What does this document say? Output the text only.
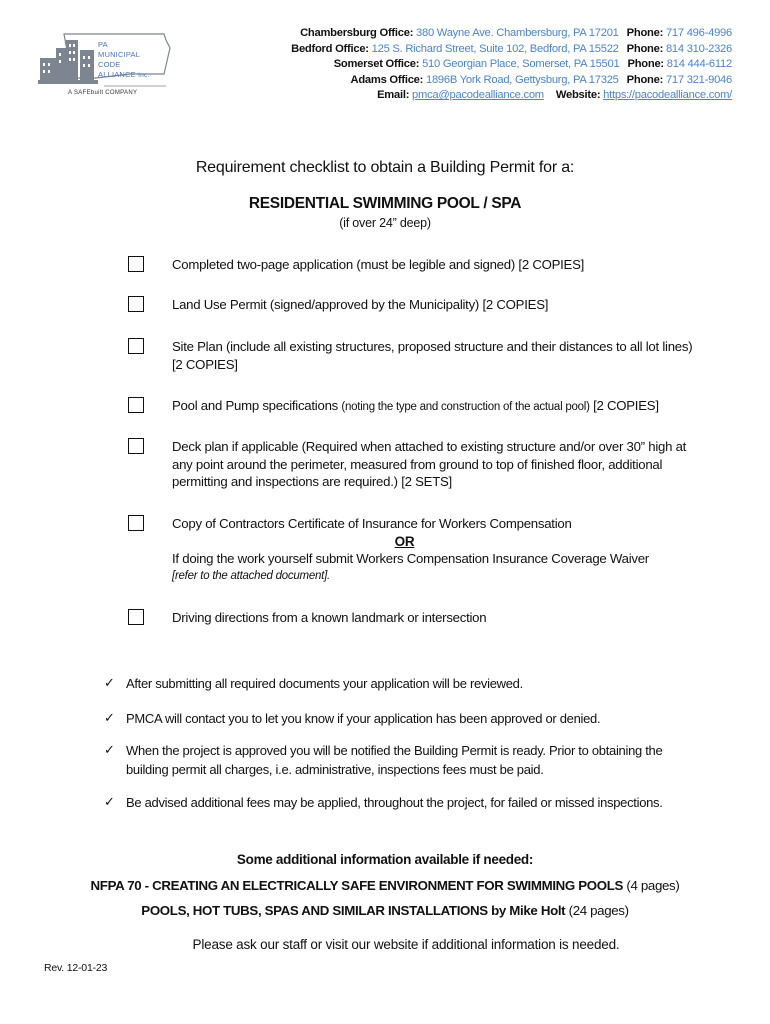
PA
MUNICIPAL
CODE
ALLIANCE Inc.
A SAFEbuilt COMPANY
Chambersburg Office: 380 Wayne Ave. Chambersburg, PA 17201 Phone: 717 496-4996
Bedford Office: 125 S. Richard Street, Suite 102, Bedford, PA 15522 Phone: 814 310-2326
Somerset Office: 510 Georgian Place, Somerset, PA 15501 Phone: 814 444-6112
Adams Office: 1896B York Road, Gettysburg, PA 17325 Phone: 717 321-9046
Email: pmca@pacodealliance.com Website: https://pacodealliance.com/
Requirement checklist to obtain a Building Permit for a:
RESIDENTIAL SWIMMING POOL / SPA
(if over 24” deep)
Completed two-page application (must be legible and signed) [2 COPIES]
Land Use Permit (signed/approved by the Municipality) [2 COPIES]
Site Plan (include all existing structures, proposed structure and their distances to all lot lines) [2 COPIES]
Pool and Pump specifications (noting the type and construction of the actual pool) [2 COPIES]
Deck plan if applicable (Required when attached to existing structure and/or over 30” high at any point around the perimeter, measured from ground to top of finished floor, additional permitting and inspections are required.) [2 SETS]
Copy of Contractors Certificate of Insurance for Workers Compensation
OR
If doing the work yourself submit Workers Compensation Insurance Coverage Waiver
[refer to the attached document].
Driving directions from a known landmark or intersection
✓ After submitting all required documents your application will be reviewed.
✓ PMCA will contact you to let you know if your application has been approved or denied.
✓ When the project is approved you will be notified the Building Permit is ready. Prior to obtaining the building permit all charges, i.e. administrative, inspections fees must be paid.
✓ Be advised additional fees may be applied, throughout the project, for failed or missed inspections.
Some additional information available if needed:
NFPA 70 - CREATING AN ELECTRICALLY SAFE ENVIRONMENT FOR SWIMMING POOLS (4 pages)
POOLS, HOT TUBS, SPAS AND SIMILAR INSTALLATIONS by Mike Holt (24 pages)
Please ask our staff or visit our website if additional information is needed.
Rev. 12-01-23
